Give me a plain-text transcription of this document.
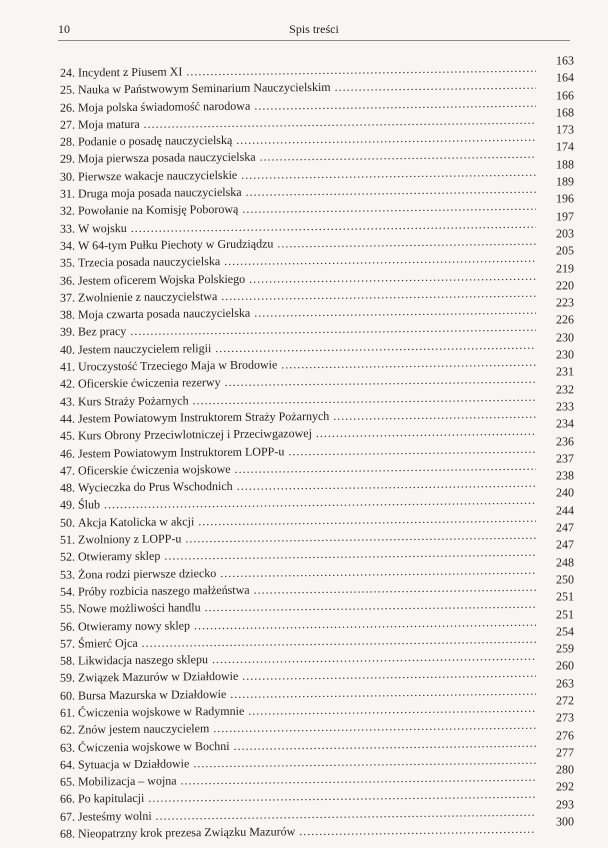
10	Spis treści
24. Incydent z Piusem XI .....
163
25. Nauka w Państwowym Seminarium Nauczycielskim .....
164
26. Moja polska świadomość narodowa .....
166
27. Moja matura .....
168
28. Podanie o posadę nauczycielską .....
173
29. Moja pierwsza posada nauczycielska .....
174
30. Pierwsze wakacje nauczycielskie .....
188
31. Druga moja posada nauczycielska .....
189
32. Powołanie na Komisję Poborową .....
196
33. W wojsku .....
197
34. W 64-tym Pułku Piechoty w Grudziądzu .....
203
35. Trzecia posada nauczycielska .....
205
36. Jestem oficerem Wojska Polskiego .....
219
37. Zwolnienie z nauczycielstwa .....
220
38. Moja czwarta posada nauczycielska .....
223
39. Bez pracy .....
226
40. Jestem nauczycielem religii .....
230
41. Uroczystość Trzeciego Maja w Brodowie .....
230
42. Oficerskie ćwiczenia rezerwy .....
231
43. Kurs Straży Pożarnych .....
232
44. Jestem Powiatowym Instruktorem Straży Pożarnych .....
233
45. Kurs Obrony Przeciwlotniczej i Przeciwgazowej .....
234
46. Jestem Powiatowym Instruktorem LOPP-u .....
236
47. Oficerskie ćwiczenia wojskowe .....
237
48. Wycieczka do Prus Wschodnich .....
238
49. Ślub .....
240
50. Akcja Katolicka w akcji .....
244
51. Zwolniony z LOPP-u .....
247
52. Otwieramy sklep .....
247
53. Żona rodzi pierwsze dziecko .....
248
54. Próby rozbicia naszego małżeństwa .....
250
55. Nowe możliwości handlu .....
251
56. Otwieramy nowy sklep .....
251
57. Śmierć Ojca .....
254
58. Likwidacja naszego sklepu .....
259
59. Związek Mazurów w Działdowie .....
260
60. Bursa Mazurska w Działdowie .....
263
61. Ćwiczenia wojskowe w Radymnie .....
272
62. Znów jestem nauczycielem .....
273
63. Ćwiczenia wojskowe w Bochni .....
276
64. Sytuacja w Działdowie .....
277
65. Mobilizacja – wojna .....
280
66. Po kapitulacji .....
292
67. Jesteśmy wolni .....
293
68. Nieopatrzny krok prezesa Związku Mazurów .....
300
